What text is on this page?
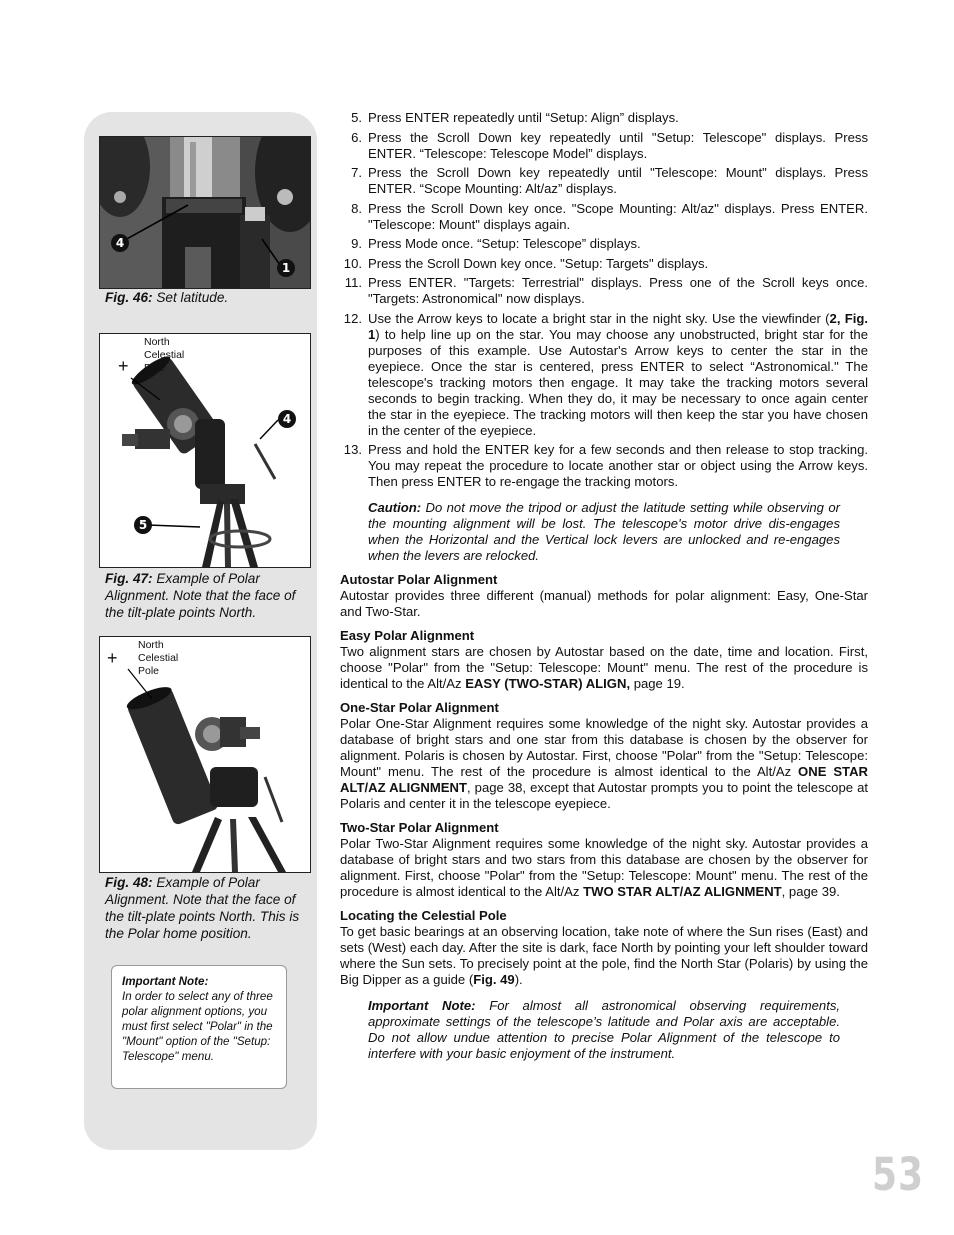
4
1
Fig. 46: Set latitude.
+
North
Celestial
Pole
4
5
Fig. 47: Example of Polar Alignment. Note that the face of the tilt-plate points North.
+
North
Celestial
Pole
Fig. 48: Example of Polar Alignment. Note that the face of the tilt-plate points North. This is the Polar home position.
Important Note:
In order to select any of three polar alignment options, you must first select "Polar" in the "Mount" option of the "Setup: Telescope" menu.
5. Press ENTER repeatedly until “Setup: Align” displays.
6. Press the Scroll Down key repeatedly until "Setup: Telescope" displays. Press ENTER. “Telescope: Telescope Model” displays.
7. Press the Scroll Down key repeatedly until "Telescope: Mount" displays. Press ENTER. “Scope Mounting: Alt/az” displays.
8. Press the Scroll Down key once. "Scope Mounting: Alt/az" displays. Press ENTER. "Telescope: Mount" displays again.
9. Press Mode once. “Setup: Telescope” displays.
10. Press the Scroll Down key once. "Setup: Targets" displays.
11. Press ENTER. "Targets: Terrestrial" displays. Press one of the Scroll keys once. "Targets: Astronomical" now displays.
12. Use the Arrow keys to locate a bright star in the night sky. Use the viewfinder (2, Fig. 1) to help line up on the star. You may choose any unobstructed, bright star for the purposes of this example. Use Autostar's Arrow keys to center the star in the eyepiece. Once the star is centered, press ENTER to select “Astronomical." The telescope's tracking motors then engage. It may take the tracking motors several seconds to begin tracking. When they do, it may be necessary to once again center the star in the eyepiece. The tracking motors will then keep the star you have chosen in the center of the eyepiece.
13. Press and hold the ENTER key for a few seconds and then release to stop tracking. You may repeat the procedure to locate another star or object using the Arrow keys. Then press ENTER to re-engage the tracking motors.
Caution: Do not move the tripod or adjust the latitude setting while observing or the mounting alignment will be lost. The telescope's motor drive dis-engages when the Horizontal and the Vertical lock levers are unlocked and re-engages when the levers are relocked.
Autostar Polar Alignment

Autostar provides three different (manual) methods for polar alignment: Easy, One-Star and Two-Star.

Easy Polar Alignment

Two alignment stars are chosen by Autostar based on the date, time and location. First, choose "Polar" from the "Setup: Telescope: Mount" menu. The rest of the procedure is identical to the Alt/Az EASY (TWO-STAR) ALIGN, page 19.

One-Star Polar Alignment

Polar One-Star Alignment requires some knowledge of the night sky. Autostar provides a database of bright stars and one star from this database is chosen by the observer for alignment. Polaris is chosen by Autostar. First, choose "Polar" from the "Setup: Telescope: Mount" menu. The rest of the procedure is almost identical to the Alt/Az ONE STAR ALT/AZ ALIGNMENT, page 38, except that Autostar prompts you to point the telescope at Polaris and center it in the telescope eyepiece.

Two-Star Polar Alignment

Polar Two-Star Alignment requires some knowledge of the night sky. Autostar provides a database of bright stars and two stars from this database are chosen by the observer for alignment. First, choose "Polar" from the "Setup: Telescope: Mount" menu. The rest of the procedure is almost identical to the Alt/Az TWO STAR ALT/AZ ALIGNMENT, page 39.

Locating the Celestial Pole

To get basic bearings at an observing location, take note of where the Sun rises (East) and sets (West) each day. After the site is dark, face North by pointing your left shoulder toward where the Sun sets. To precisely point at the pole, find the North Star (Polaris) by using the Big Dipper as a guide (Fig. 49).

Important Note: For almost all astronomical observing requirements, approximate settings of the telescope’s latitude and Polar axis are acceptable. Do not allow undue attention to precise Polar Alignment of the telescope to interfere with your basic enjoyment of the instrument.
53
